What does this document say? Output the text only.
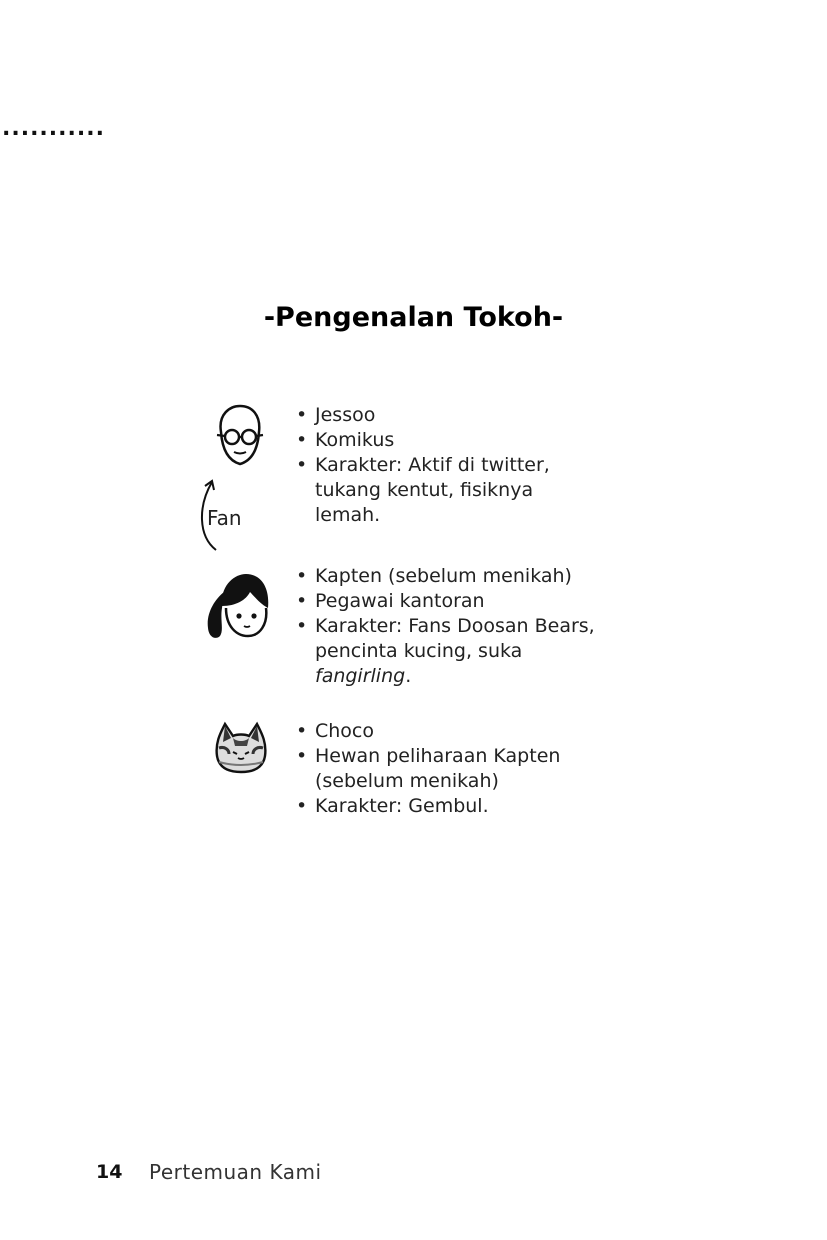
...........
-Pengenalan Tokoh-
Fan
• Jessoo
• Komikus
• Karakter: Aktif di twitter, tukang kentut, fisiknya lemah.
• Kapten (sebelum menikah)
• Pegawai kantoran
• Karakter: Fans Doosan Bears, pencinta kucing, suka fangirling.
• Choco
• Hewan peliharaan Kapten (sebelum menikah)
• Karakter: Gembul.
14 Pertemuan Kami
